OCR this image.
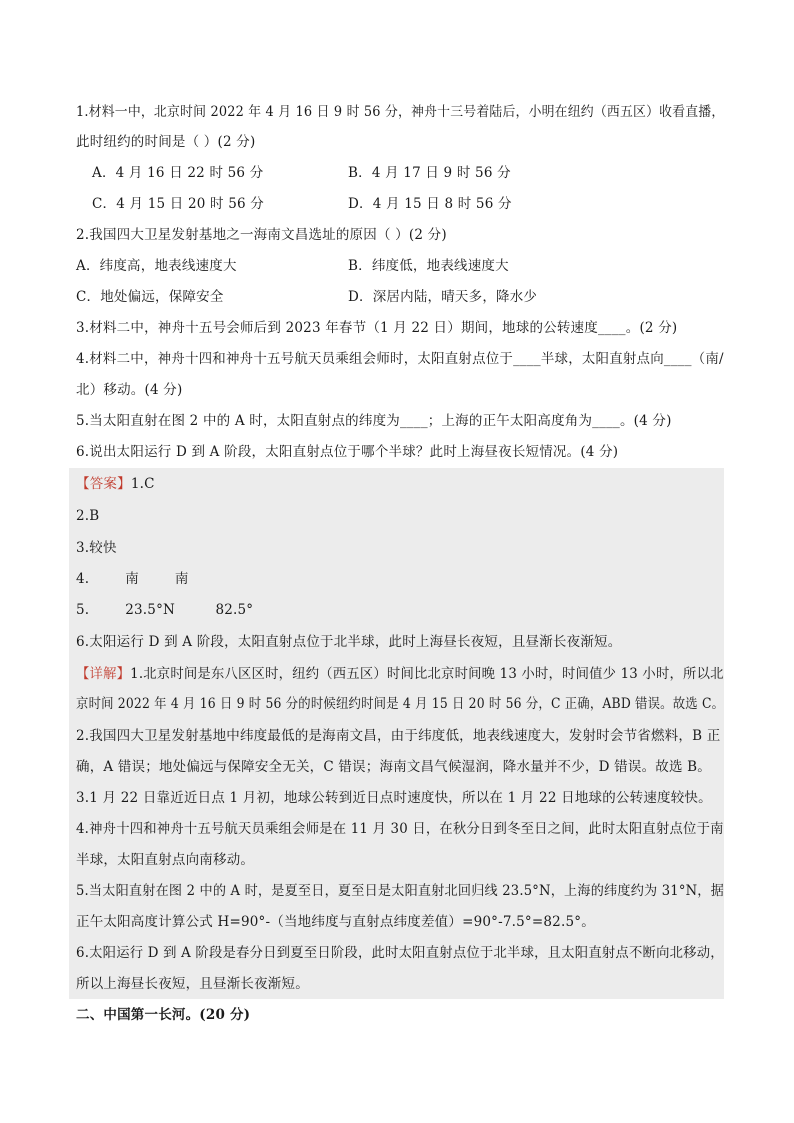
1.材料一中，北京时间 2022 年 4 月 16 日 9 时 56 分，神舟十三号着陆后，小明在纽约（西五区）收看直播，
此时纽约的时间是（ ）(2 分)
A．4 月 16 日 22 时 56 分	B．4 月 17 日 9 时 56 分
C．4 月 15 日 20 时 56 分	D．4 月 15 日 8 时 56 分
2.我国四大卫星发射基地之一海南文昌选址的原因（ ）(2 分)
A．纬度高，地表线速度大	B．纬度低，地表线速度大
C．地处偏远，保障安全	D．深居内陆，晴天多，降水少
3.材料二中，神舟十五号会师后到 2023 年春节（1 月 22 日）期间，地球的公转速度____。(2 分)
4.材料二中，神舟十四和神舟十五号航天员乘组会师时，太阳直射点位于____半球，太阳直射点向____（南/
北）移动。(4 分)
5.当太阳直射在图 2 中的 A 时，太阳直射点的纬度为____；上海的正午太阳高度角为____。(4 分)
6.说出太阳运行 D 到 A 阶段，太阳直射点位于哪个半球？此时上海昼夜长短情况。(4 分)
【答案】1.C
2.B
3.较快
4.        南        南
5.        23.5°N         82.5°
6.太阳运行 D 到 A 阶段，太阳直射点位于北半球，此时上海昼长夜短，且昼渐长夜渐短。
【详解】1.北京时间是东八区区时，纽约（西五区）时间比北京时间晚 13 小时，时间值少 13 小时，所以北
京时间 2022 年 4 月 16 日 9 时 56 分的时候纽约时间是 4 月 15 日 20 时 56 分，C 正确，ABD 错误。故选 C。
2.我国四大卫星发射基地中纬度最低的是海南文昌，由于纬度低，地表线速度大，发射时会节省燃料，B 正
确，A 错误；地处偏远与保障安全无关，C 错误；海南文昌气候湿润，降水量并不少，D 错误。故选 B。
3.1 月 22 日靠近近日点 1 月初，地球公转到近日点时速度快，所以在 1 月 22 日地球的公转速度较快。
4.神舟十四和神舟十五号航天员乘组会师是在 11 月 30 日，在秋分日到冬至日之间，此时太阳直射点位于南
半球，太阳直射点向南移动。
5.当太阳直射在图 2 中的 A 时，是夏至日，夏至日是太阳直射北回归线 23.5°N，上海的纬度约为 31°N，据
正午太阳高度计算公式 H=90°-（当地纬度与直射点纬度差值）=90°-7.5°=82.5°。
6.太阳运行 D 到 A 阶段是春分日到夏至日阶段，此时太阳直射点位于北半球，且太阳直射点不断向北移动，
所以上海昼长夜短，且昼渐长夜渐短。
二、中国第一长河。(20 分)
